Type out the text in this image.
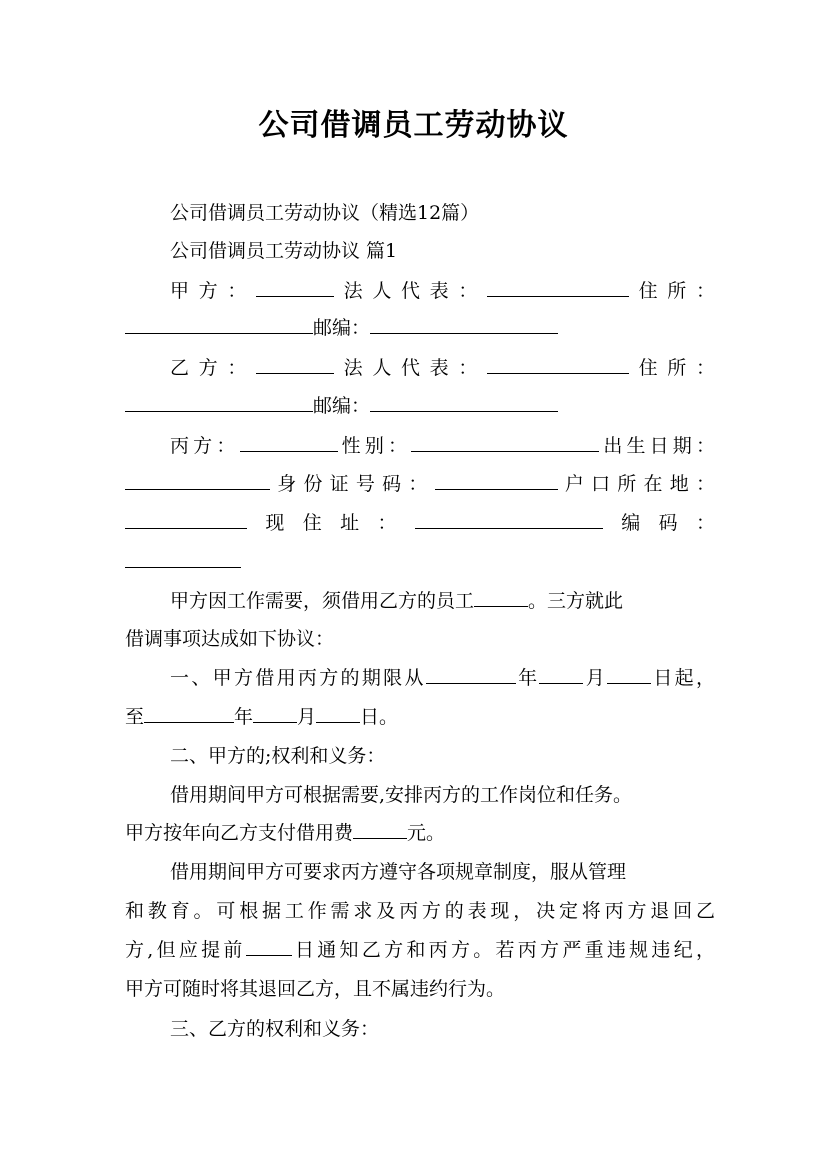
公司借调员工劳动协议
公司借调员工劳动协议（精选12篇）
公司借调员工劳动协议 篇1
甲方：	法人代表：	住所：
邮编：
乙方：	法人代表：	住所：
邮编：
丙方：	性别：	出生日期：
身份证号码：	户口所在地：
现住址：	编码：
甲方因工作需要，须借用乙方的员工	。三方就此
借调事项达成如下协议：
一、甲方借用丙方的期限从	年 月 日起，
至	年 月 日。
二、甲方的;权利和义务：
借用期间甲方可根据需要,安排丙方的工作岗位和任务。
甲方按年向乙方支付借用费	元。
借用期间甲方可要求丙方遵守各项规章制度，服从管理
和教育。可根据工作需求及丙方的表现，决定将丙方退回乙
方,但应提前 日通知乙方和丙方。若丙方严重违规违纪，
甲方可随时将其退回乙方，且不属违约行为。
三、乙方的权利和义务：
